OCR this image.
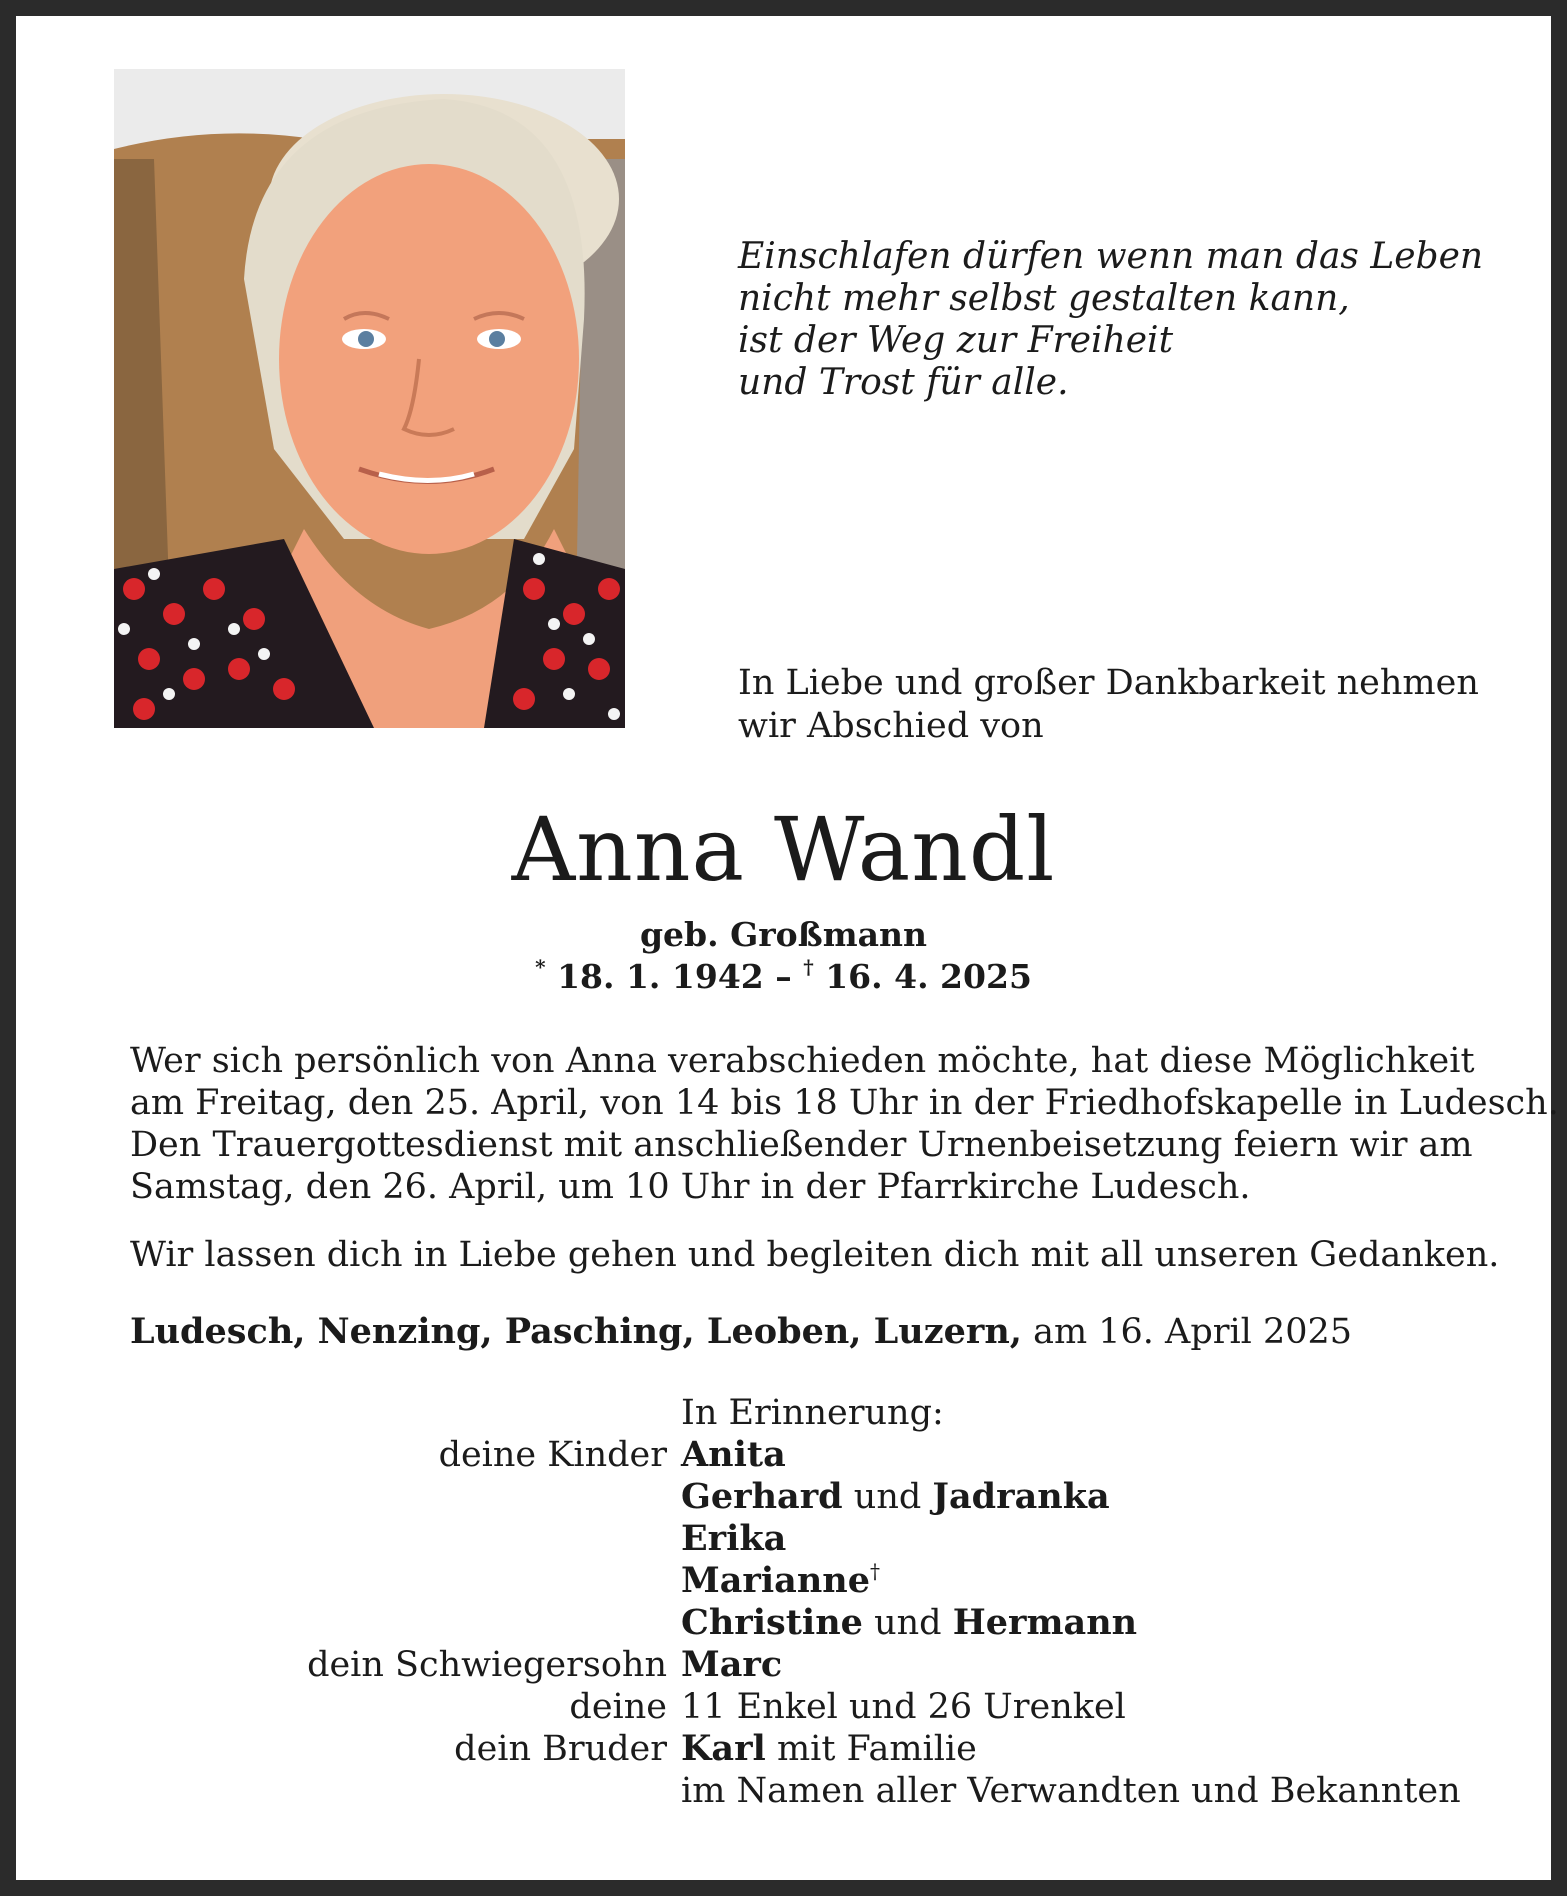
Einschlafen dürfen wenn man das Leben
nicht mehr selbst gestalten kann,
ist der Weg zur Freiheit
und Trost für alle.
In Liebe und großer Dankbarkeit nehmen
wir Abschied von
Anna Wandl
geb. Großmann
* 18. 1. 1942 – † 16. 4. 2025
Wer sich persönlich von Anna verabschieden möchte, hat diese Möglichkeit
am Freitag, den 25. April, von 14 bis 18 Uhr in der Friedhofskapelle in Ludesch.
Den Trauergottesdienst mit anschließender Urnenbeisetzung feiern wir am
Samstag, den 26. April, um 10 Uhr in der Pfarrkirche Ludesch.
Wir lassen dich in Liebe gehen und begleiten dich mit all unseren Gedanken.
Ludesch, Nenzing, Pasching, Leoben, Luzern, am 16. April 2025
In Erinnerung:
deine Kinder Anita
Gerhard und Jadranka
Erika
Marianne†
Christine und Hermann
dein Schwiegersohn Marc
deine 11 Enkel und 26 Urenkel
dein Bruder Karl mit Familie
im Namen aller Verwandten und Bekannten
